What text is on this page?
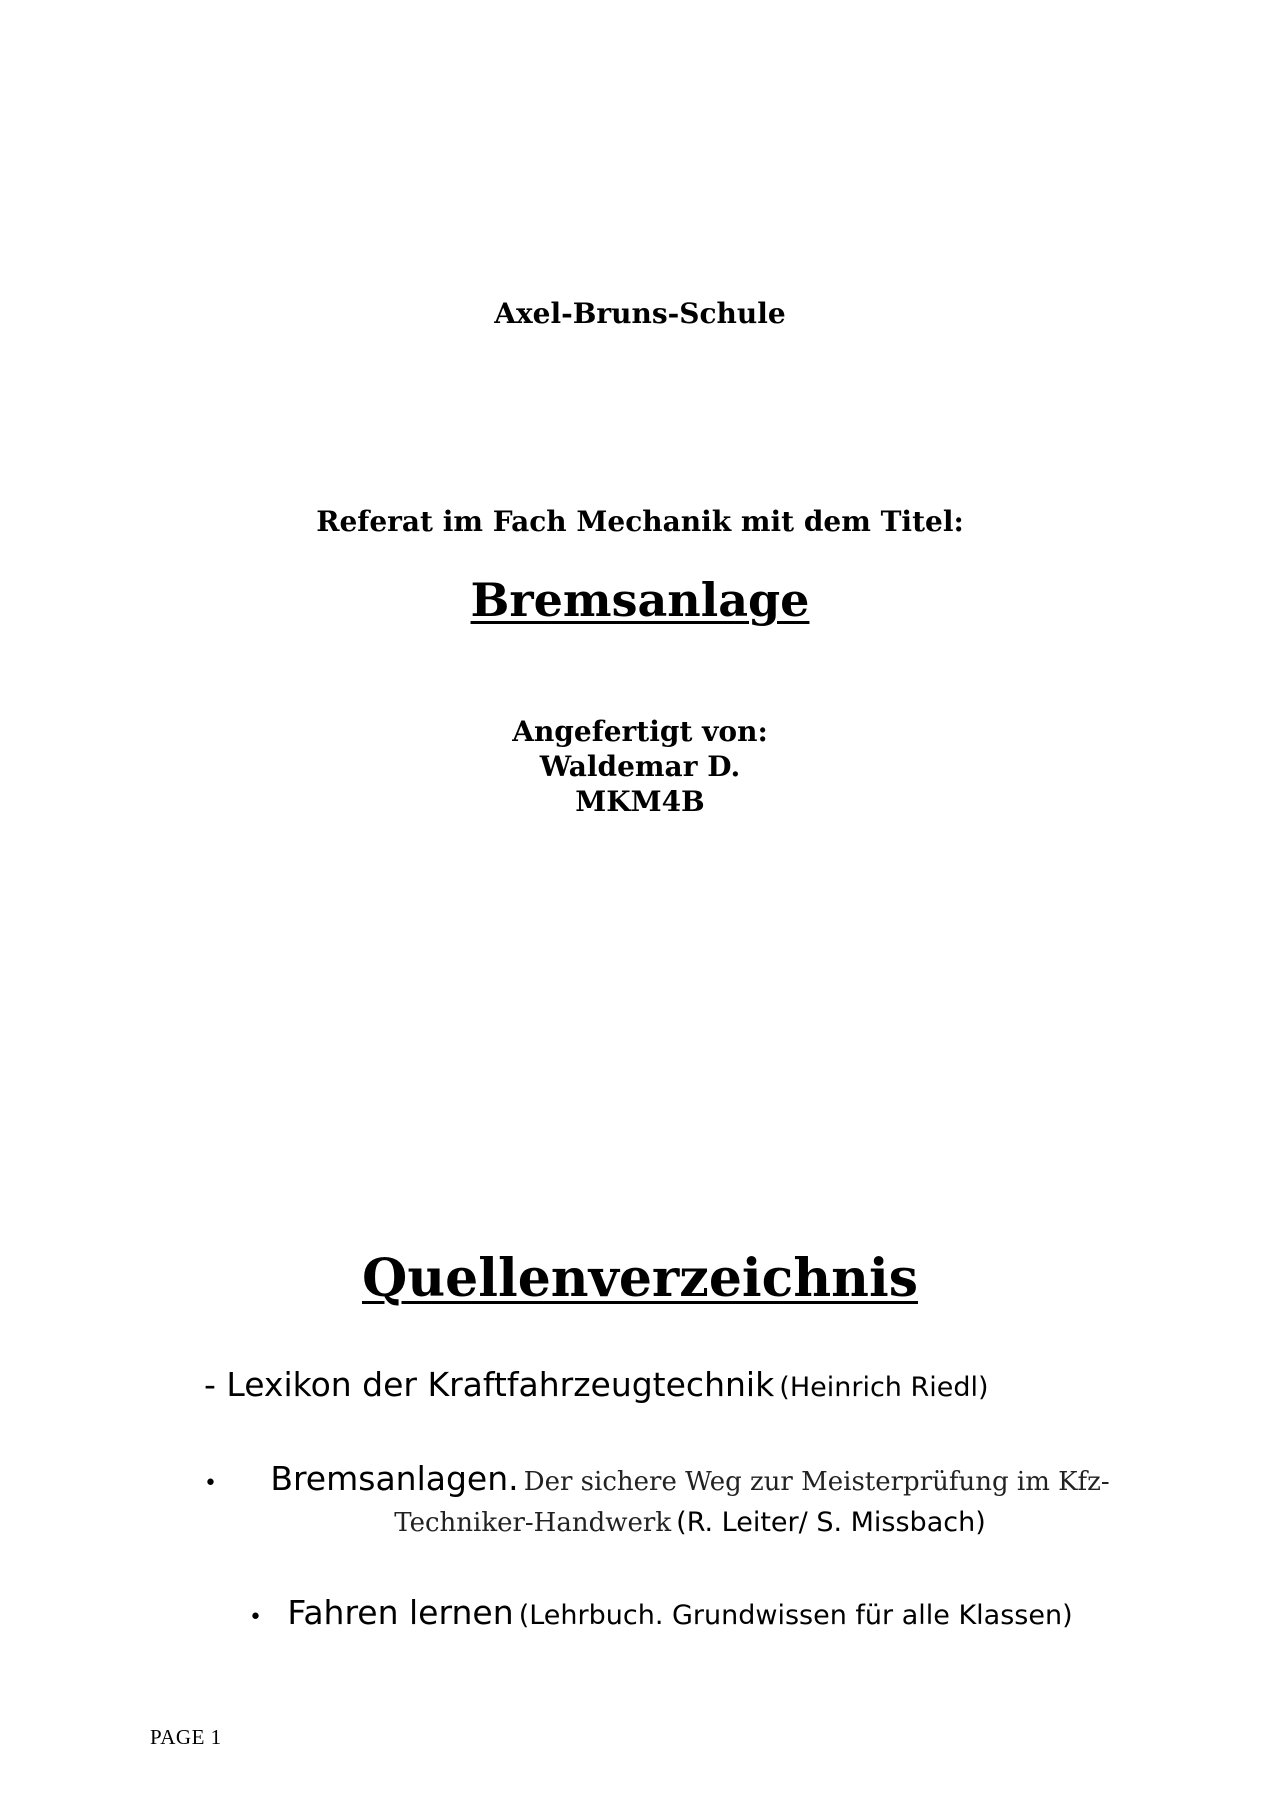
Axel-Bruns-Schule
Referat im Fach Mechanik mit dem Titel:
Bremsanlage
Angefertigt von:
Waldemar D.
MKM4B
Quellenverzeichnis
- Lexikon der Kraftfahrzeugtechnik (Heinrich Riedl)
•	Bremsanlagen. Der sichere Weg zur Meisterprüfung im Kfz-Techniker-Handwerk (R. Leiter/ S. Missbach)
• Fahren lernen (Lehrbuch. Grundwissen für alle Klassen)
PAGE 1
